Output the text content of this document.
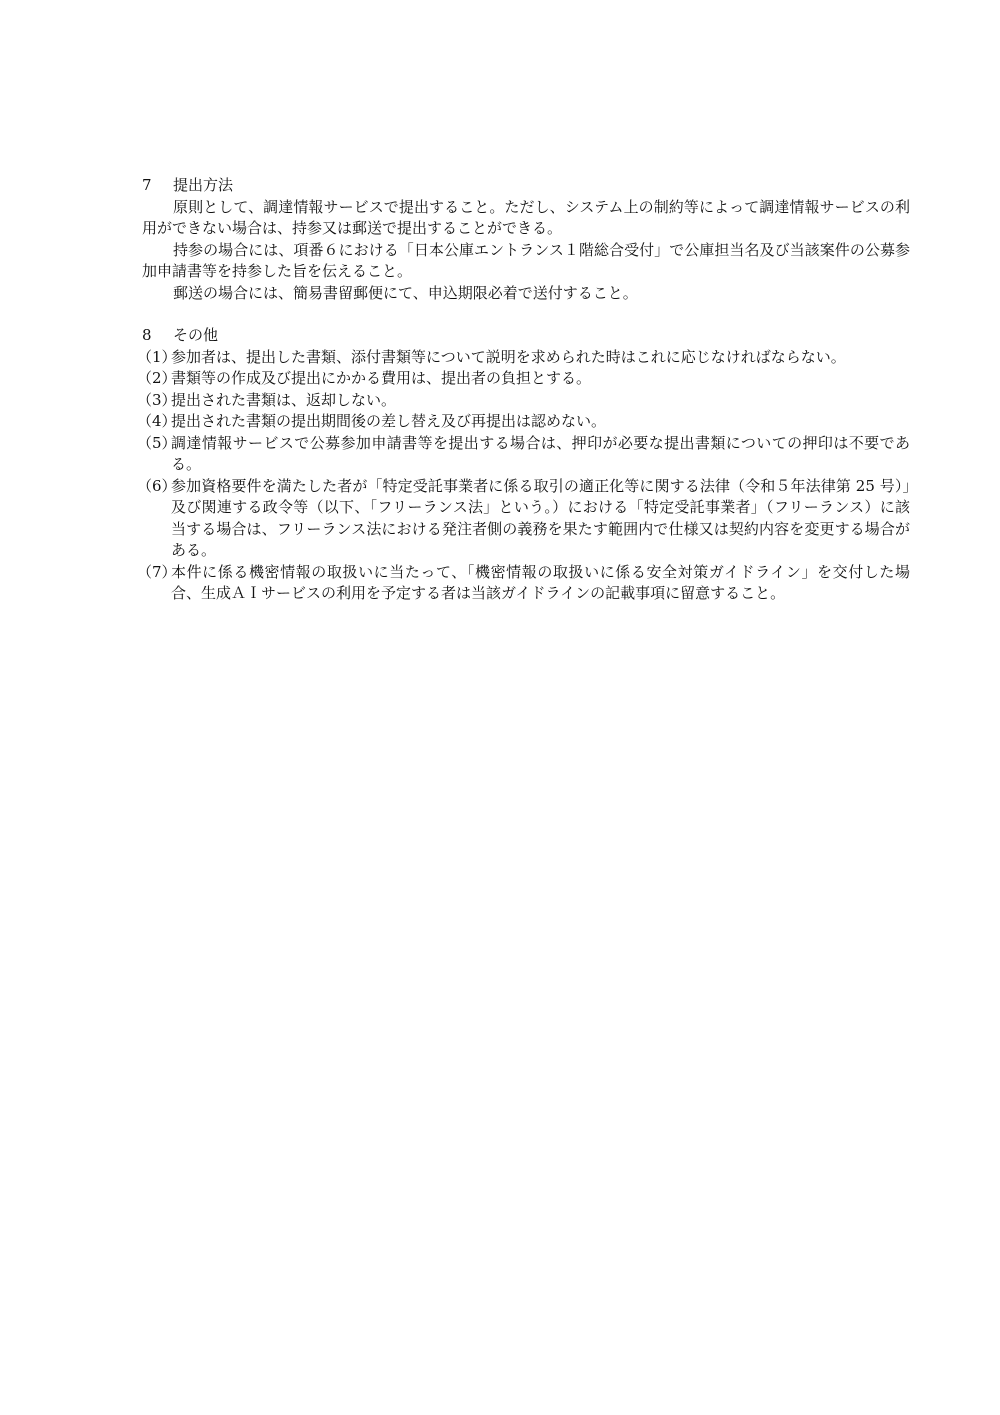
7	提出方法

原則として、調達情報サービスで提出すること。ただし、システム上の制約等によって調達情報サービスの利用ができない場合は、持参又は郵送で提出することができる。

持参の場合には、項番６における「日本公庫エントランス１階総合受付」で公庫担当名及び当該案件の公募参加申請書等を持参した旨を伝えること。

郵送の場合には、簡易書留郵便にて、申込期限必着で送付すること。

8	その他
（1）
参加者は、提出した書類、添付書類等について説明を求められた時はこれに応じなければならない。
（2）
書類等の作成及び提出にかかる費用は、提出者の負担とする。
（3）
提出された書類は、返却しない。
（4）
提出された書類の提出期間後の差し替え及び再提出は認めない。
（5）
調達情報サービスで公募参加申請書等を提出する場合は、押印が必要な提出書類についての押印は不要である。
（6）
参加資格要件を満たした者が「特定受託事業者に係る取引の適正化等に関する法律（令和５年法律第 25 号）」及び関連する政令等（以下、「フリーランス法」という。）における「特定受託事業者」（フリーランス）に該当する場合は、フリーランス法における発注者側の義務を果たす範囲内で仕様又は契約内容を変更する場合がある。
（7）
本件に係る機密情報の取扱いに当たって、「機密情報の取扱いに係る安全対策ガイドライン」を交付した場合、生成ＡＩサービスの利用を予定する者は当該ガイドラインの記載事項に留意すること。
